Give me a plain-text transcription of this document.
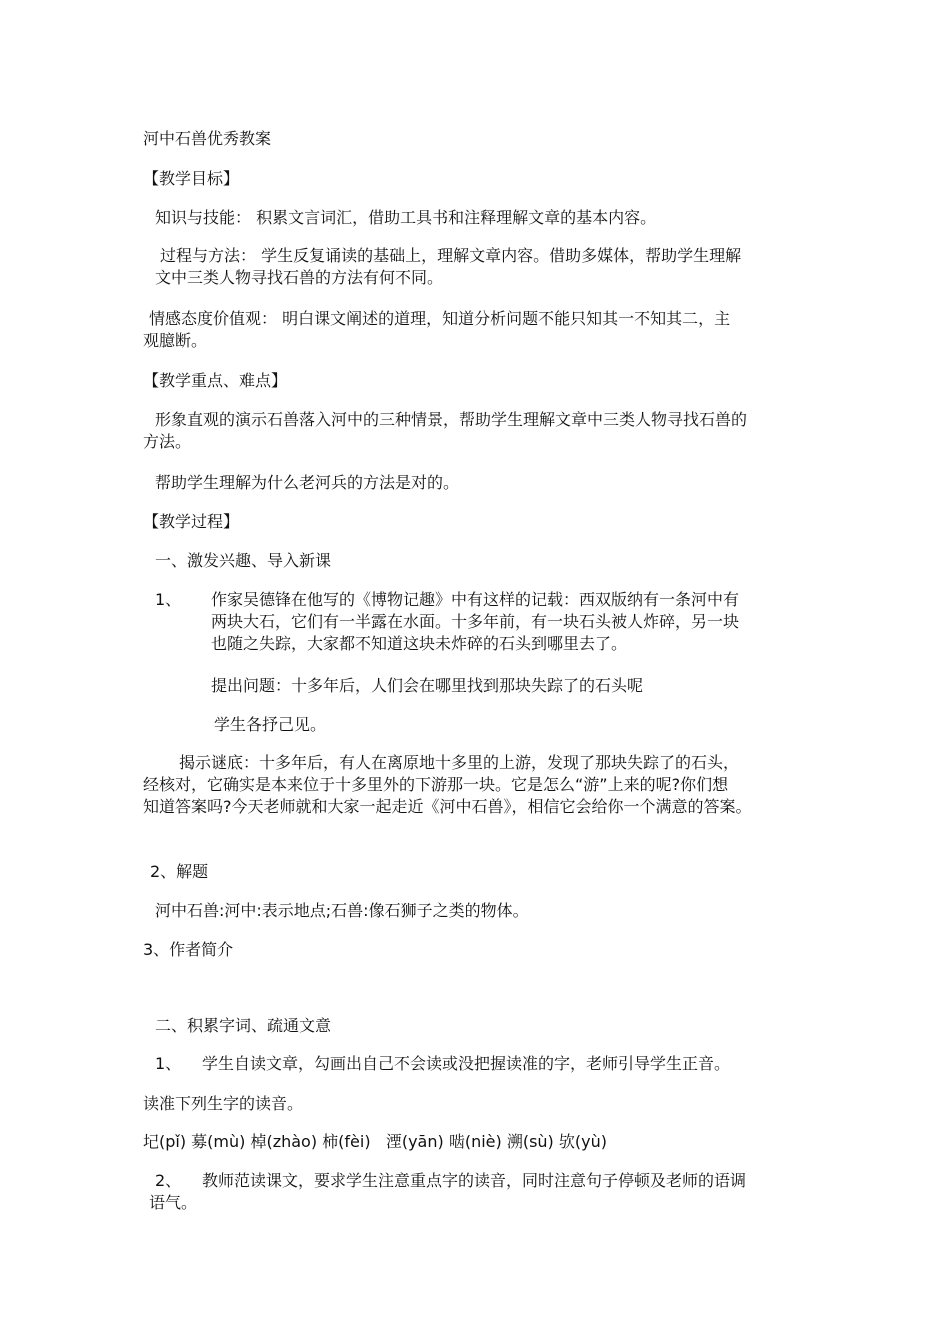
河中石兽优秀教案

【教学目标】

知识与技能： 积累文言词汇，借助工具书和注释理解文章的基本内容。

过程与方法： 学生反复诵读的基础上，理解文章内容。借助多媒体，帮助学生理解
文中三类人物寻找石兽的方法有何不同。
情感态度价值观： 明白课文阐述的道理，知道分析问题不能只知其一不知其二，主
观臆断。

【教学重点、难点】

形象直观的演示石兽落入河中的三种情景，帮助学生理解文章中三类人物寻找石兽的
方法。

帮助学生理解为什么老河兵的方法是对的。

【教学过程】

一、激发兴趣、导入新课

1、 作家吴德锋在他写的《博物记趣》中有这样的记载：西双版纳有一条河中有
两块大石，它们有一半露在水面。十多年前，有一块石头被人炸碎，另一块
也随之失踪，大家都不知道这块未炸碎的石头到哪里去了。

提出问题：十多年后，人们会在哪里找到那块失踪了的石头呢

学生各抒己见。

揭示谜底：十多年后，有人在离原地十多里的上游，发现了那块失踪了的石头，
经核对，它确实是本来位于十多里外的下游那一块。它是怎么“游”上来的呢?你们想
知道答案吗?今天老师就和大家一起走近《河中石兽》，相信它会给你一个满意的答案。

2、解题

河中石兽:河中:表示地点;石兽:像石狮子之类的物体。

3、作者简介

二、积累字词、疏通文意

1、 学生自读文章，勾画出自己不会读或没把握读准的字，老师引导学生正音。

读准下列生字的读音。

圮(pǐ) 募(mù) 棹(zhào) 柿(fèi)   湮(yān) 啮(niè) 溯(sù) 欤(yù)

2、	教师范读课文，要求学生注意重点字的读音，同时注意句子停顿及老师的语调
语气。
